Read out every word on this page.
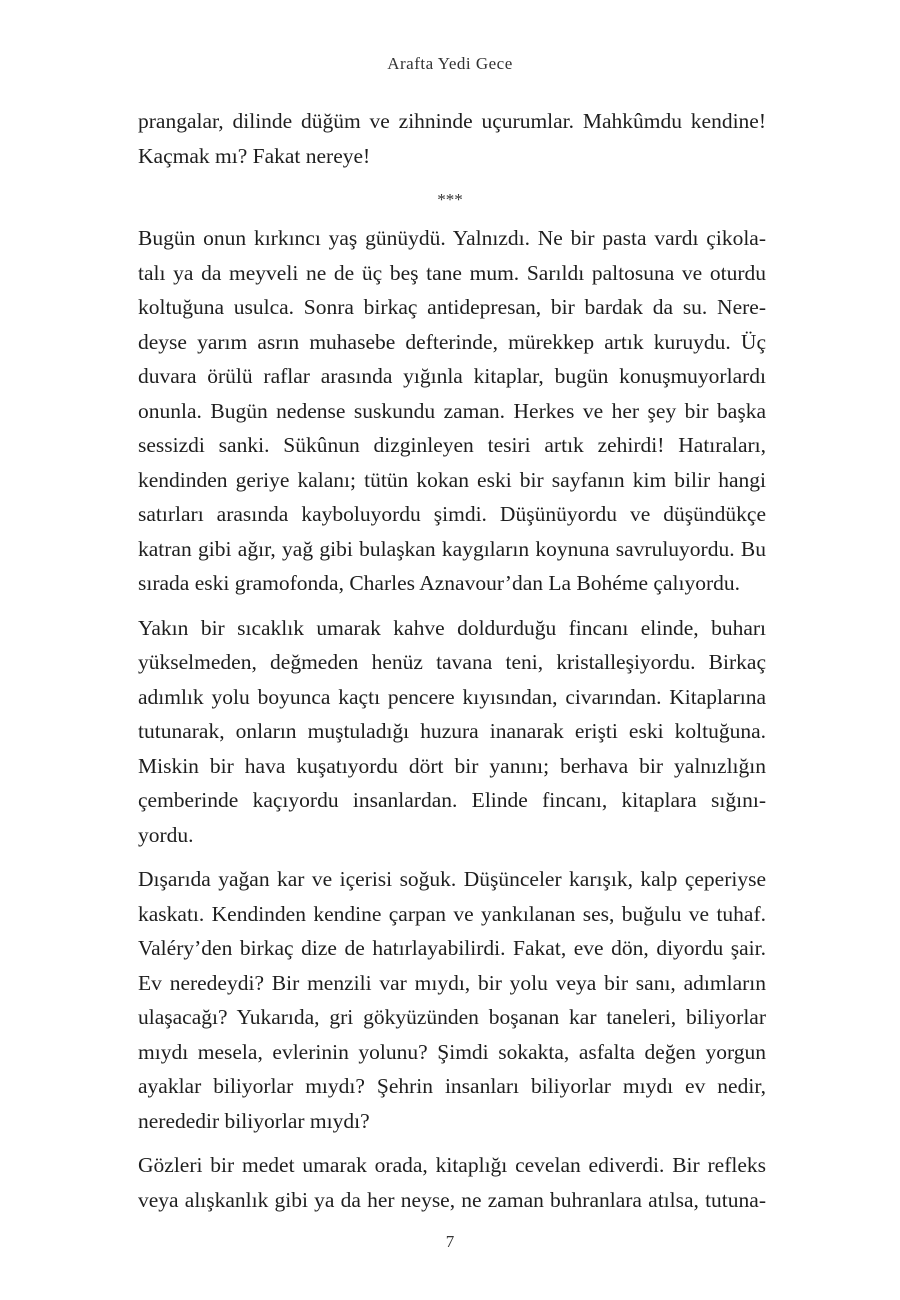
Arafta Yedi Gece
prangalar, dilinde düğüm ve zihninde uçurumlar. Mahkûmdu kendine!
Kaçmak mı? Fakat nereye!
***
Bugün onun kırkıncı yaş günüydü. Yalnızdı. Ne bir pasta vardı çikola-
talı ya da meyveli ne de üç beş tane mum. Sarıldı paltosuna ve oturdu
koltuğuna usulca. Sonra birkaç antidepresan, bir bardak da su. Nere-
deyse yarım asrın muhasebe defterinde, mürekkep artık kuruydu. Üç
duvara örülü raflar arasında yığınla kitaplar, bugün konuşmuyorlardı
onunla. Bugün nedense suskundu zaman. Herkes ve her şey bir başka
sessizdi sanki. Sükûnun dizginleyen tesiri artık zehirdi! Hatıraları,
kendinden geriye kalanı; tütün kokan eski bir sayfanın kim bilir hangi
satırları arasında kayboluyordu şimdi. Düşünüyordu ve düşündükçe
katran gibi ağır, yağ gibi bulaşkan kaygıların koynuna savruluyordu. Bu
sırada eski gramofonda, Charles Aznavour’dan La Bohéme çalıyordu.
Yakın bir sıcaklık umarak kahve doldurduğu fincanı elinde, buharı
yükselmeden, değmeden henüz tavana teni, kristalleşiyordu. Birkaç
adımlık yolu boyunca kaçtı pencere kıyısından, civarından. Kitaplarına
tutunarak, onların muştuladığı huzura inanarak erişti eski koltuğuna.
Miskin bir hava kuşatıyordu dört bir yanını; berhava bir yalnızlığın
çemberinde kaçıyordu insanlardan. Elinde fincanı, kitaplara sığını-
yordu.
Dışarıda yağan kar ve içerisi soğuk. Düşünceler karışık, kalp çeperiyse
kaskatı. Kendinden kendine çarpan ve yankılanan ses, buğulu ve tuhaf.
Valéry’den birkaç dize de hatırlayabilirdi. Fakat, eve dön, diyordu şair.
Ev neredeydi? Bir menzili var mıydı, bir yolu veya bir sanı, adımların
ulaşacağı? Yukarıda, gri gökyüzünden boşanan kar taneleri, biliyorlar
mıydı mesela, evlerinin yolunu? Şimdi sokakta, asfalta değen yorgun
ayaklar biliyorlar mıydı? Şehrin insanları biliyorlar mıydı ev nedir,
nerededir biliyorlar mıydı?
Gözleri bir medet umarak orada, kitaplığı cevelan ediverdi. Bir refleks
veya alışkanlık gibi ya da her neyse, ne zaman buhranlara atılsa, tutuna-
7
